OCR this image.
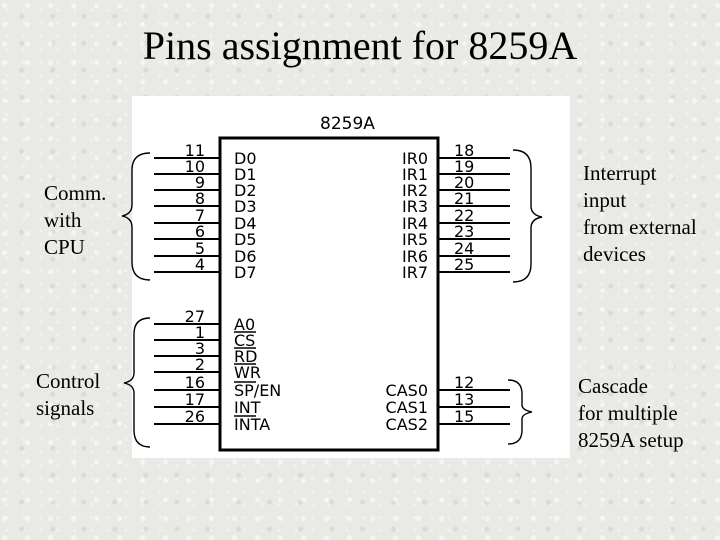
Pins assignment for 8259A
Comm.
with
CPU
Control
signals
Interrupt
input
from external
devices
Cascade
for multiple
8259A setup
8259A
11 D0
10 D1
9 D2
8 D3
7 D4
6 D5
5 D6
4 D7
27 A0
1 CS
3 RD
2 WR
16 SP/EN
17 INT
26 INTA
18
IR0 19
IR1 20
IR2 21
IR3 22
IR4 23
IR5 24
IR6 25
IR7
12
CAS0 13
CAS1 15
CAS2
